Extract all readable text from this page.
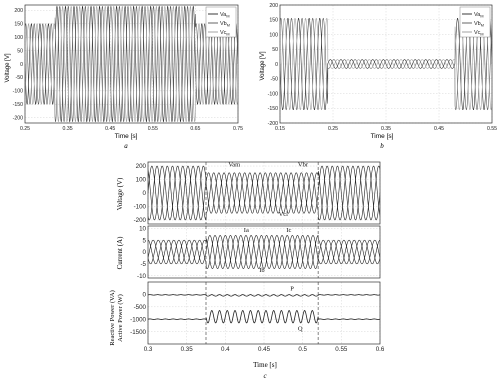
Voltage [V]
Time [s]
a
0.25	0.35	0.45	0.55	0.65	0.75
200
150
100
50
0
-50
-100
-150
-200
$Va_M$
$Vb_M$
$Vc_M$
Voltage [V]
Time [s]
b
0.15	0.25	0.35	0.45	0.55
200
150
100
50
0
-50
-100
-150
-200
$Va_M$
$Vb_M$
$Vc_M$
Voltage (V)
Current (A)
Reactive Power (VA) Active Power (W)
Time [s]
c
200
100
0
-100
-200
Vam	Vbr
Vcl
10
5
0
-5
-10
Ia	Ic
Ib
0.3	0.35	0.4	0.45	0.5	0.55	0.6
0
-500
-1000
-1500
P
Q
